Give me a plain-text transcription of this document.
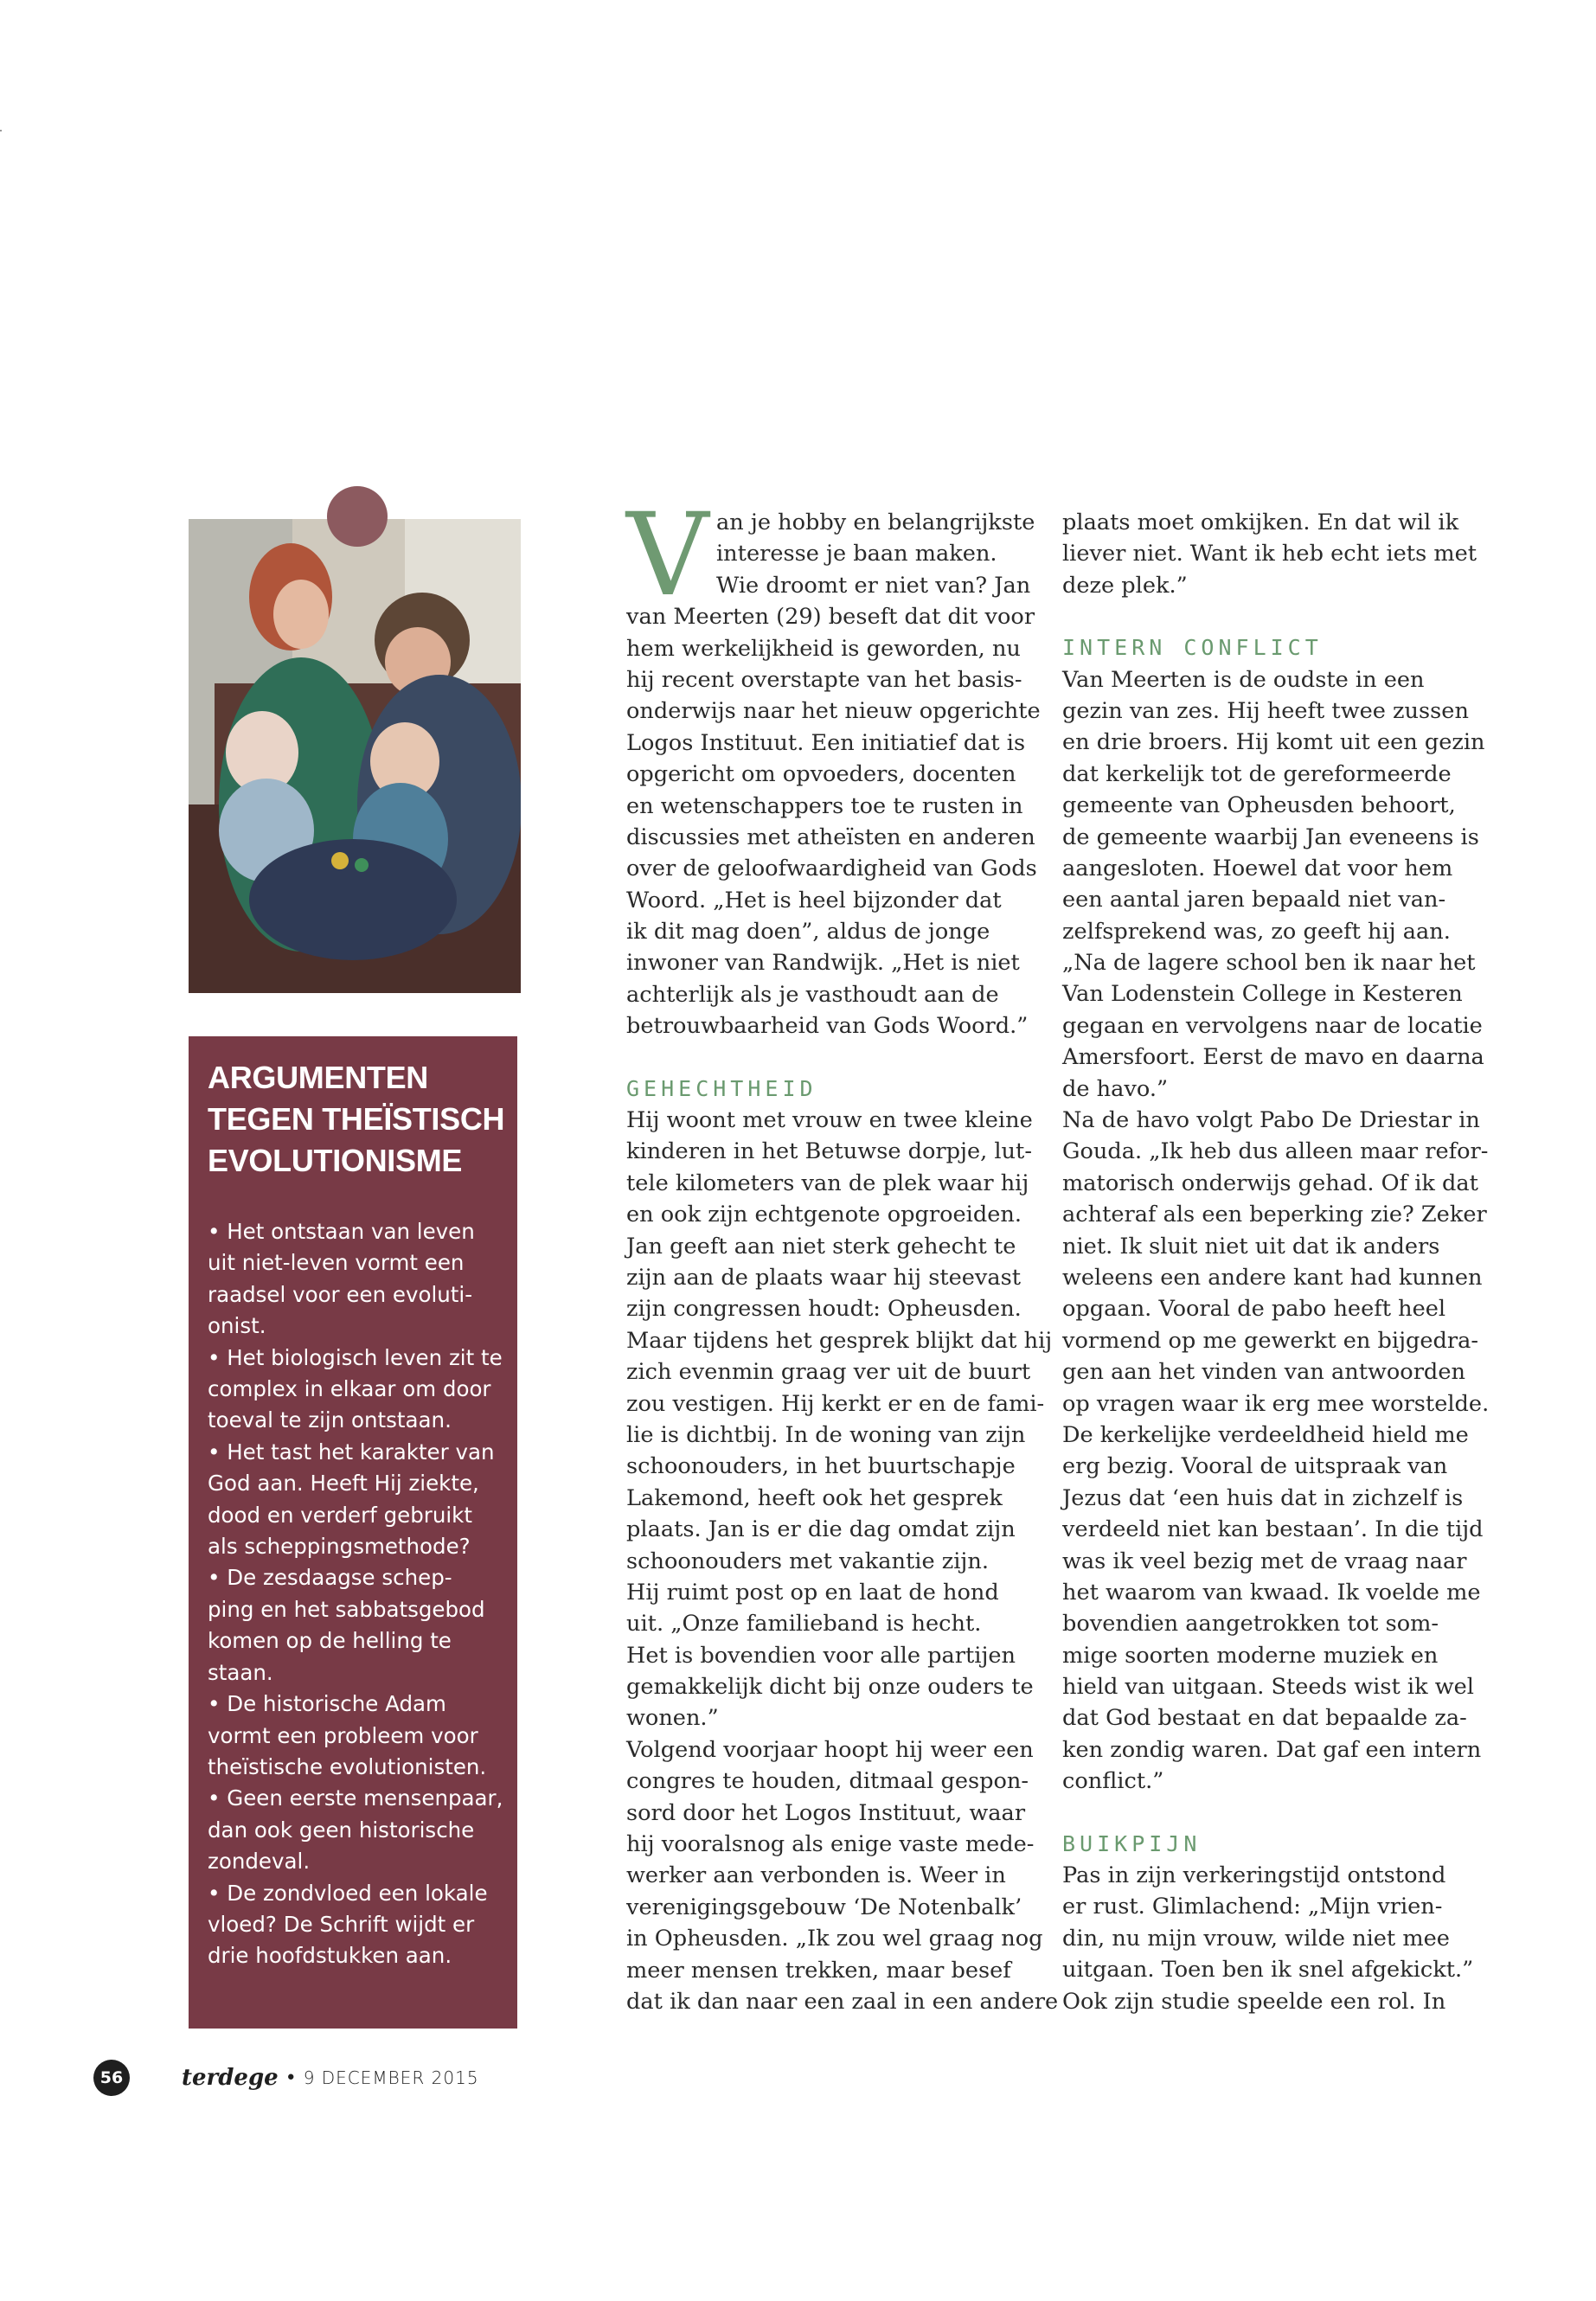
ARGUMENTEN
TEGEN THEÏSTISCH
EVOLUTIONISME
• Het ontstaan van leven
uit niet-leven vormt een
raadsel voor een evoluti-
onist.
• Het biologisch leven zit te
complex in elkaar om door
toeval te zijn ontstaan.
• Het tast het karakter van
God aan. Heeft Hij ziekte,
dood en verderf gebruikt
als scheppingsmethode?
• De zesdaagse schep-
ping en het sabbatsgebod
komen op de helling te
staan.
• De historische Adam
vormt een probleem voor
theïstische evolutionisten.
• Geen eerste mensenpaar,
dan ook geen historische
zondeval.
• De zondvloed een lokale
vloed? De Schrift wijdt er
drie hoofdstukken aan.
V an je hobby en belangrijkste
interesse je baan maken.
Wie droomt er niet van? Jan
van Meerten (29) beseft dat dit voor
hem werkelijkheid is geworden, nu
hij recent overstapte van het basis-
onderwijs naar het nieuw opgerichte
Logos Instituut. Een initiatief dat is
opgericht om opvoeders, docenten
en wetenschappers toe te rusten in
discussies met atheïsten en anderen
over de geloofwaardigheid van Gods
Woord. „Het is heel bijzonder dat
ik dit mag doen”, aldus de jonge
inwoner van Randwijk. „Het is niet
achterlijk als je vasthoudt aan de
betrouwbaarheid van Gods Woord.”
GEHECHTHEID
Hij woont met vrouw en twee kleine
kinderen in het Betuwse dorpje, lut-
tele kilometers van de plek waar hij
en ook zijn echtgenote opgroeiden.
Jan geeft aan niet sterk gehecht te
zijn aan de plaats waar hij steevast
zijn congressen houdt: Opheusden.
Maar tijdens het gesprek blijkt dat hij
zich evenmin graag ver uit de buurt
zou vestigen. Hij kerkt er en de fami-
lie is dichtbij. In de woning van zijn
schoonouders, in het buurtschapje
Lakemond, heeft ook het gesprek
plaats. Jan is er die dag omdat zijn
schoonouders met vakantie zijn.
Hij ruimt post op en laat de hond
uit. „Onze familieband is hecht.
Het is bovendien voor alle partijen
gemakkelijk dicht bij onze ouders te
wonen.”
Volgend voorjaar hoopt hij weer een
congres te houden, ditmaal gespon-
sord door het Logos Instituut, waar
hij vooralsnog als enige vaste mede-
werker aan verbonden is. Weer in
verenigingsgebouw ‘De Notenbalk’
in Opheusden. „Ik zou wel graag nog
meer mensen trekken, maar besef
dat ik dan naar een zaal in een andere
plaats moet omkijken. En dat wil ik
liever niet. Want ik heb echt iets met
deze plek.”
INTERN CONFLICT
Van Meerten is de oudste in een
gezin van zes. Hij heeft twee zussen
en drie broers. Hij komt uit een gezin
dat kerkelijk tot de gereformeerde
gemeente van Opheusden behoort,
de gemeente waarbij Jan eveneens is
aangesloten. Hoewel dat voor hem
een aantal jaren bepaald niet van-
zelfsprekend was, zo geeft hij aan.
„Na de lagere school ben ik naar het
Van Lodenstein College in Kesteren
gegaan en vervolgens naar de locatie
Amersfoort. Eerst de mavo en daarna
de havo.”
Na de havo volgt Pabo De Driestar in
Gouda. „Ik heb dus alleen maar refor-
matorisch onderwijs gehad. Of ik dat
achteraf als een beperking zie? Zeker
niet. Ik sluit niet uit dat ik anders
weleens een andere kant had kunnen
opgaan. Vooral de pabo heeft heel
vormend op me gewerkt en bijgedra-
gen aan het vinden van antwoorden
op vragen waar ik erg mee worstelde.
De kerkelijke verdeeldheid hield me
erg bezig. Vooral de uitspraak van
Jezus dat ‘een huis dat in zichzelf is
verdeeld niet kan bestaan’. In die tijd
was ik veel bezig met de vraag naar
het waarom van kwaad. Ik voelde me
bovendien aangetrokken tot som-
mige soorten moderne muziek en
hield van uitgaan. Steeds wist ik wel
dat God bestaat en dat bepaalde za-
ken zondig waren. Dat gaf een intern
conflict.”
BUIKPIJN
Pas in zijn verkeringstijd ontstond
er rust. Glimlachend: „Mijn vrien-
din, nu mijn vrouw, wilde niet mee
uitgaan. Toen ben ik snel afgekickt.”
Ook zijn studie speelde een rol. In
56	terdege • 9 DECEMBER 2015
